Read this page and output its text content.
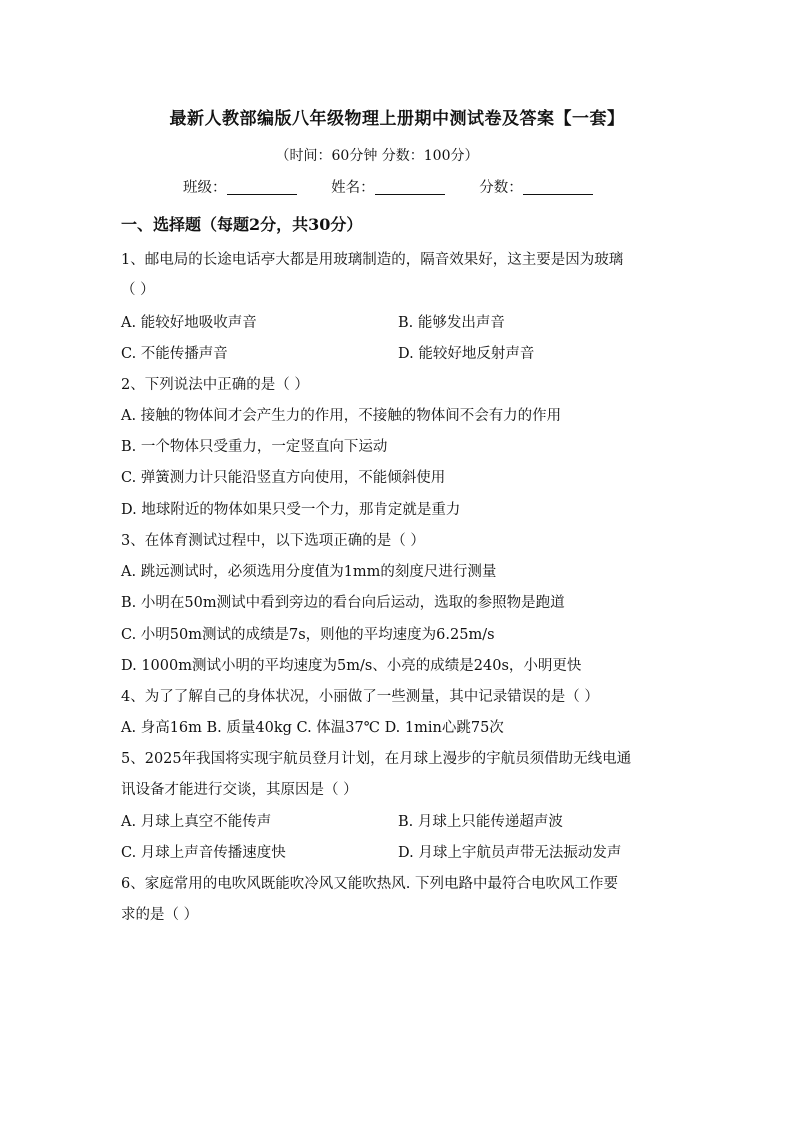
最新人教部编版八年级物理上册期中测试卷及答案【一套】
（时间：60分钟 分数：100分）
班级：	姓名：	分数：
一、选择题（每题2分，共30分）
1、邮电局的长途电话亭大都是用玻璃制造的，隔音效果好，这主要是因为玻璃
（ ）
A. 能较好地吸收声音	B. 能够发出声音
C. 不能传播声音	D. 能较好地反射声音
2、下列说法中正确的是（ ）
A. 接触的物体间才会产生力的作用，不接触的物体间不会有力的作用
B. 一个物体只受重力，一定竖直向下运动
C. 弹簧测力计只能沿竖直方向使用，不能倾斜使用
D. 地球附近的物体如果只受一个力，那肯定就是重力
3、在体育测试过程中，以下选项正确的是（ ）
A. 跳远测试时，必须选用分度值为1mm的刻度尺进行测量
B. 小明在50m测试中看到旁边的看台向后运动，选取的参照物是跑道
C. 小明50m测试的成绩是7s，则他的平均速度为6.25m/s
D. 1000m测试小明的平均速度为5m/s、小亮的成绩是240s，小明更快
4、为了了解自己的身体状况，小丽做了一些测量，其中记录错误的是（ ）
A. 身高16m B. 质量40kg C. 体温37℃ D. 1min心跳75次
5、2025年我国将实现宇航员登月计划，在月球上漫步的宇航员须借助无线电通
讯设备才能进行交谈，其原因是（ ）
A. 月球上真空不能传声	B. 月球上只能传递超声波
C. 月球上声音传播速度快	D. 月球上宇航员声带无法振动发声
6、家庭常用的电吹风既能吹冷风又能吹热风. 下列电路中最符合电吹风工作要
求的是（ ）
